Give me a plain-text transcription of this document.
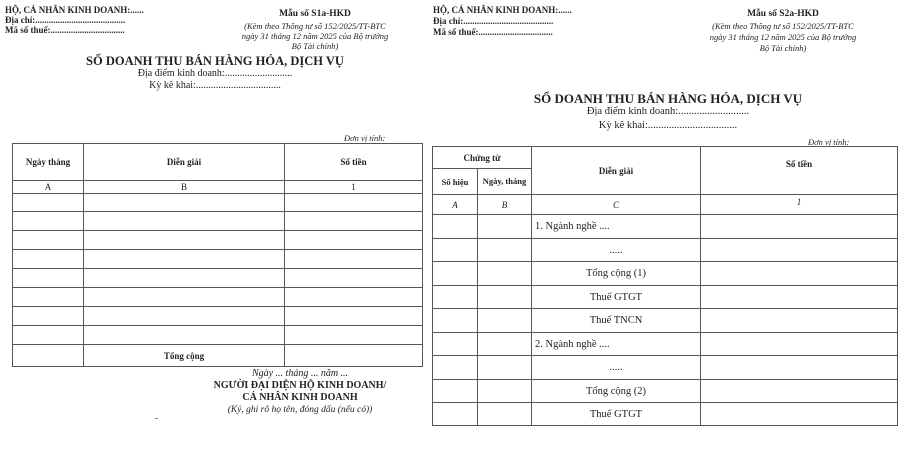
HỘ, CÁ NHÂN KINH DOANH:......
Địa chỉ:........................................
Mã số thuế:.................................
Mẫu số S1a-HKD
(Kèm theo Thông tư số 152/2025/TT-BTC
ngày 31 tháng 12 năm 2025 của Bộ trưởng
Bộ Tài chính)
SỔ DOANH THU BÁN HÀNG HÓA, DỊCH VỤ
Địa điểm kinh doanh:...........................
Kỳ kê khai:..................................
Đơn vị tính:
Ngày tháng	Diễn giải	Số tiền
A	B	1

	Tổng cộng	
Ngày ... tháng ... năm ...
NGƯỜI ĐẠI DIỆN HỘ KINH DOANH/
CÁ NHÂN KINH DOANH
(Ký, ghi rõ họ tên, đóng dấu (nếu có))
HỘ, CÁ NHÂN KINH DOANH:......
Địa chỉ:........................................
Mã số thuế:.................................
Mẫu số S2a-HKD
(Kèm theo Thông tư số 152/2025/TT-BTC
ngày 31 tháng 12 năm 2025 của Bộ trưởng
Bộ Tài chính)
SỔ DOANH THU BÁN HÀNG HÓA, DỊCH VỤ
Địa điểm kinh doanh:...........................
Kỳ kê khai:..................................
Đơn vị tính:
Chứng từ		Diễn giải	Số tiền
Số hiệu	Ngày, tháng		
A	B	C	1
		1. Ngành nghề ....	
		.....	
		Tổng cộng (1)	
		Thuế GTGT	
		Thuế TNCN	
		2. Ngành nghề ....	
		.....	
		Tổng cộng (2)	
		Thuế GTGT	
